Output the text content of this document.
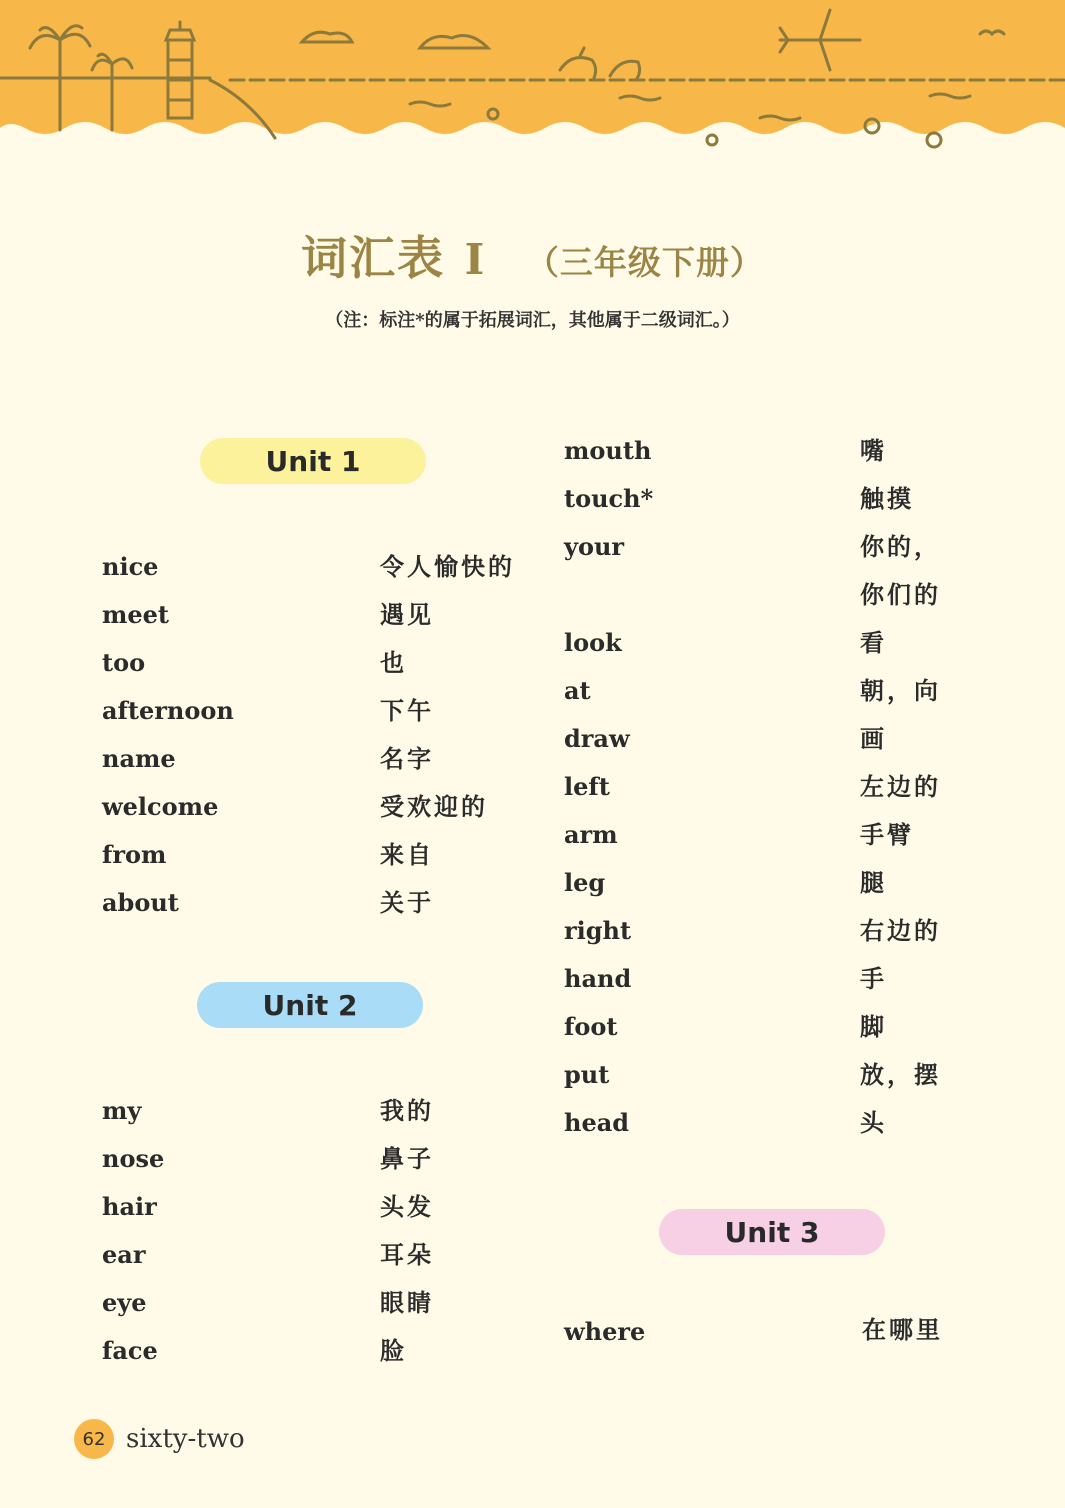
词汇表 I （三年级下册）
（注：标注*的属于拓展词汇，其他属于二级词汇。）
Unit 1
Unit 2
Unit 3
nice	令人愉快的
meet	遇见
too	也
afternoon	下午
name	名字
welcome	受欢迎的
from	来自
about	关于
my	我的
nose	鼻子
hair	头发
ear	耳朵
eye	眼睛
face	脸
mouth	嘴
touch*	触摸
your	你的，
你们的
look	看
at	朝，向
draw	画
left	左边的
arm	手臂
leg	腿
right	右边的
hand	手
foot	脚
put	放，摆
head	头
where	在哪里
62 sixty-two
